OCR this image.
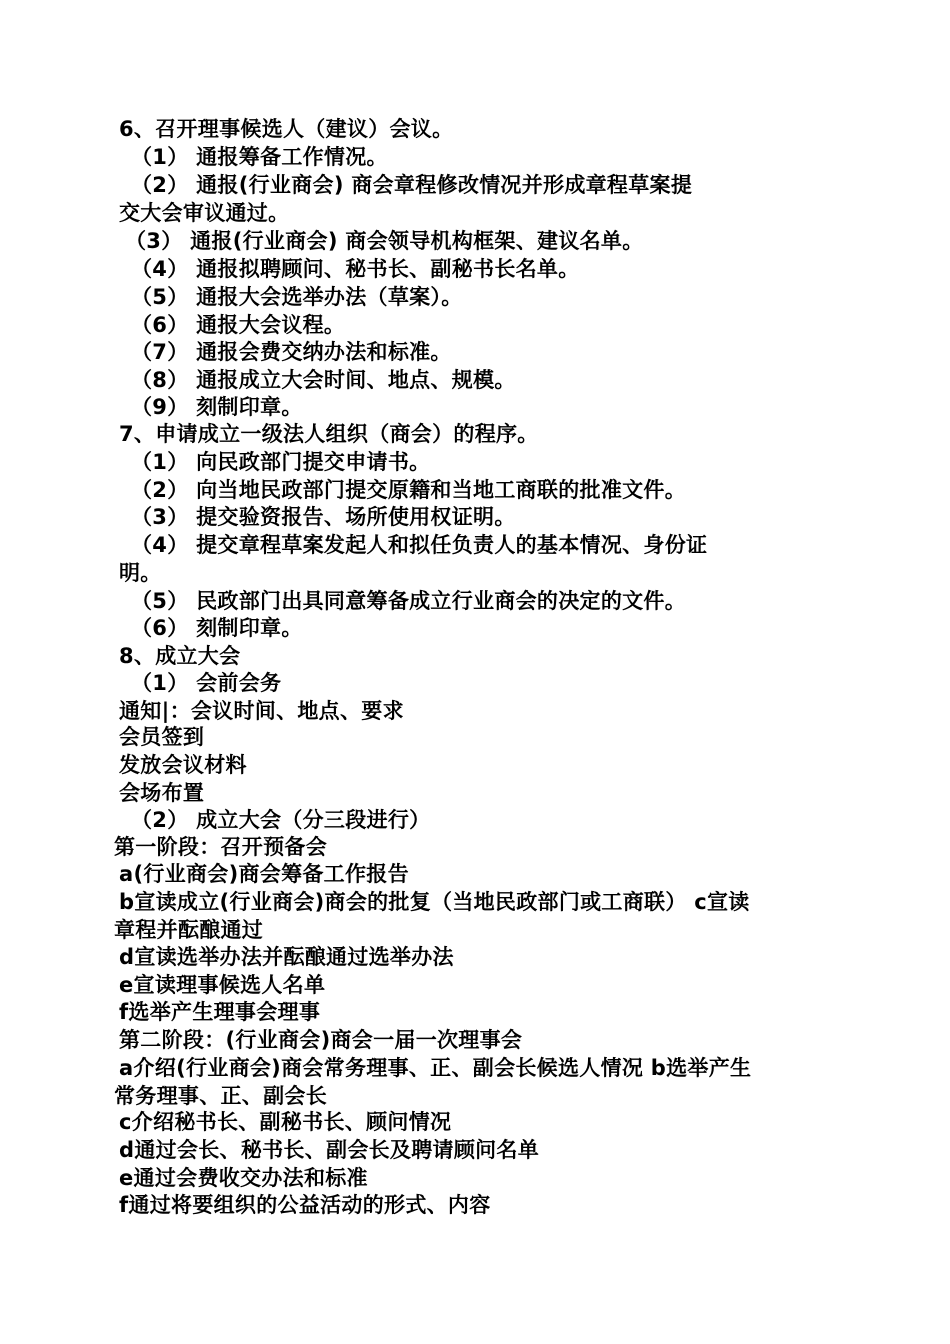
6、召开理事候选人（建议）会议。

（1） 通报筹备工作情况。

（2） 通报(行业商会) 商会章程修改情况并形成章程草案提

交大会审议通过。

（3） 通报(行业商会) 商会领导机构框架、建议名单。

（4） 通报拟聘顾问、秘书长、副秘书长名单。

（5） 通报大会选举办法（草案）。

（6） 通报大会议程。

（7） 通报会费交纳办法和标准。

（8） 通报成立大会时间、地点、规模。

（9） 刻制印章。

7、申请成立一级法人组织（商会）的程序。

（1） 向民政部门提交申请书。

（2） 向当地民政部门提交原籍和当地工商联的批准文件。

（3） 提交验资报告、场所使用权证明。

（4） 提交章程草案发起人和拟任负责人的基本情况、身份证

明。

（5） 民政部门出具同意筹备成立行业商会的决定的文件。

（6） 刻制印章。

8、成立大会

（1） 会前会务

通知|：会议时间、地点、要求

会员签到

发放会议材料

会场布置

（2） 成立大会（分三段进行）

第一阶段：召开预备会

a(行业商会)商会筹备工作报告

b宣读成立(行业商会)商会的批复（当地民政部门或工商联） c宣读

章程并酝酿通过

d宣读选举办法并酝酿通过选举办法

e宣读理事候选人名单

f选举产生理事会理事

第二阶段：(行业商会)商会一届一次理事会

a介绍(行业商会)商会常务理事、正、副会长候选人情况 b选举产生

常务理事、正、副会长

c介绍秘书长、副秘书长、顾问情况

d通过会长、秘书长、副会长及聘请顾问名单

e通过会费收交办法和标准

f通过将要组织的公益活动的形式、内容
